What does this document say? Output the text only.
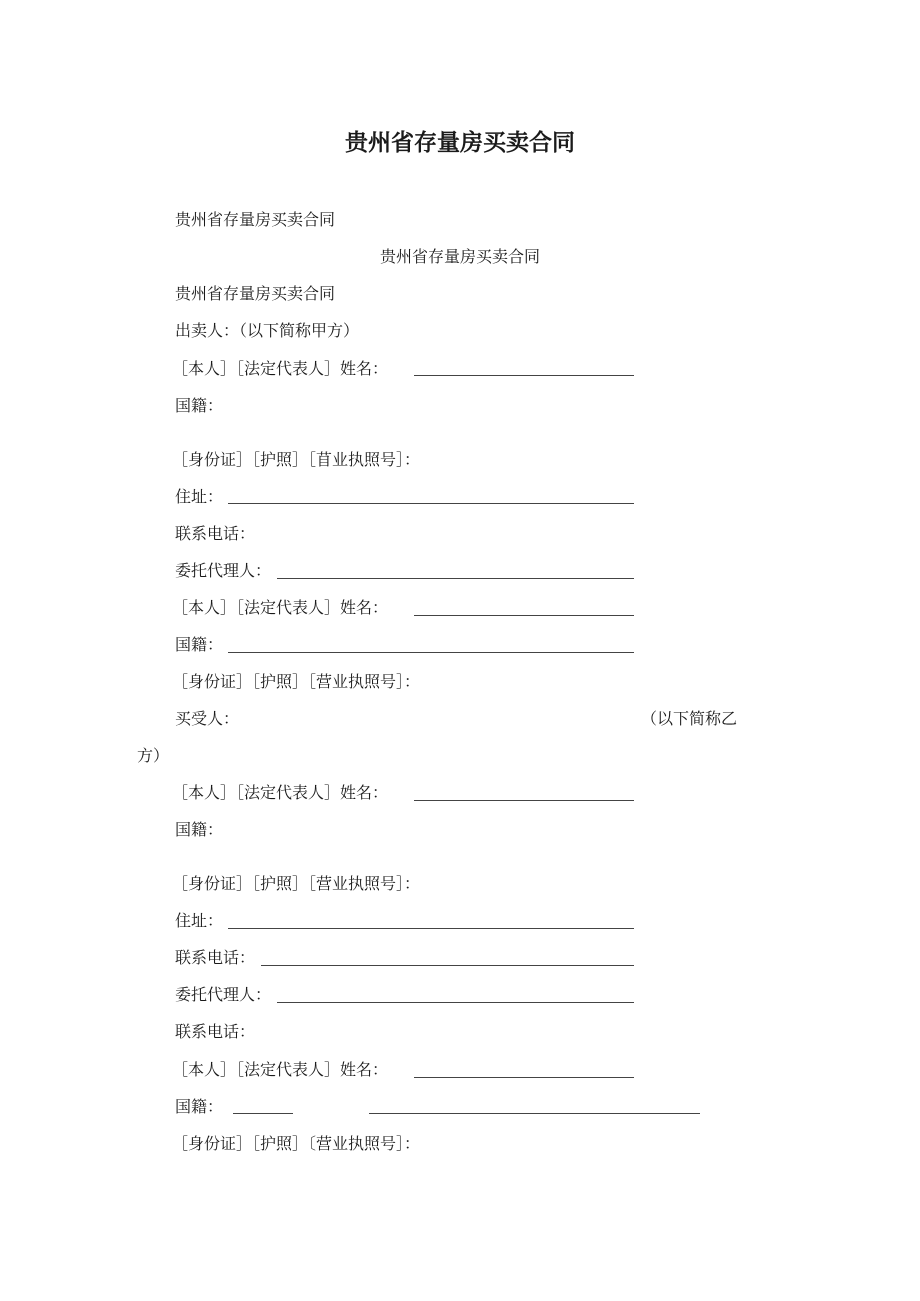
贵州省存量房买卖合同
贵州省存量房买卖合同
贵州省存量房买卖合同
贵州省存量房买卖合同
出卖人：（以下简称甲方）
［本人］［法定代表人］姓名：
国籍：
［身份证］［护照］［苜业执照号］：
住址：
联系电话：
委托代理人：
［本人］［法定代表人］姓名：
国籍：
［身份证］［护照］［营业执照号］：
买受人：	（以下简称乙
方）
［本人］［法定代表人］姓名：
国籍：
［身份证］［护照］［营业执照号］：
住址：
联系电话：
委托代理人：
联系电话：
［本人］［法定代表人］姓名：
国籍：
［身份证］［护照］〔营业执照号］：
